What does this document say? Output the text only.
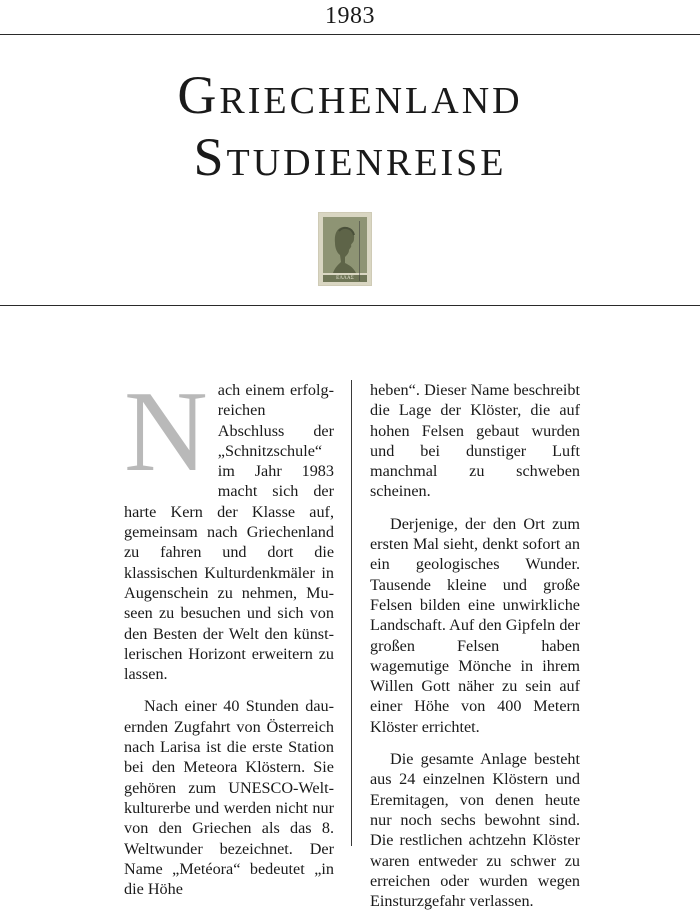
1983
Griechenland
Studienreise
ΕΛΛΑΣ

Nach einem erfolgreichen Abschluss der „Schnitzschule“ im Jahr 1983 macht sich der harte Kern der Klasse auf, gemeinsam nach Griechenland zu fahren und dort die klassischen Kulturdenkmäler in Augenschein zu nehmen, Museen zu besuchen und sich von den Besten der Welt den künstlerischen Horizont erweitern zu lassen.

Nach einer 40 Stunden dauernden Zugfahrt von Österreich nach Larisa ist die erste Station bei den Meteora Klöstern. Sie gehören zum UNESCO-Weltkulturerbe und werden nicht nur von den Griechen als das 8. Weltwunder bezeichnet. Der Name „Metéora“ bedeutet „in die Höhe

heben“. Dieser Name beschreibt die Lage der Klöster, die auf hohen Felsen gebaut wurden und bei dunstiger Luft manchmal zu schweben scheinen.

Derjenige, der den Ort zum ersten Mal sieht, denkt sofort an ein geologisches Wunder. Tausende kleine und große Felsen bilden eine unwirkliche Landschaft. Auf den Gipfeln der großen Felsen haben wagemutige Mönche in ihrem Willen Gott näher zu sein auf einer Höhe von 400 Metern Klöster errichtet.

Die gesamte Anlage besteht aus 24 einzelnen Klöstern und Eremitagen, von denen heute nur noch sechs bewohnt sind. Die restlichen achtzehn Klöster waren entweder zu schwer zu erreichen oder wurden wegen Einsturzgefahr verlassen.
